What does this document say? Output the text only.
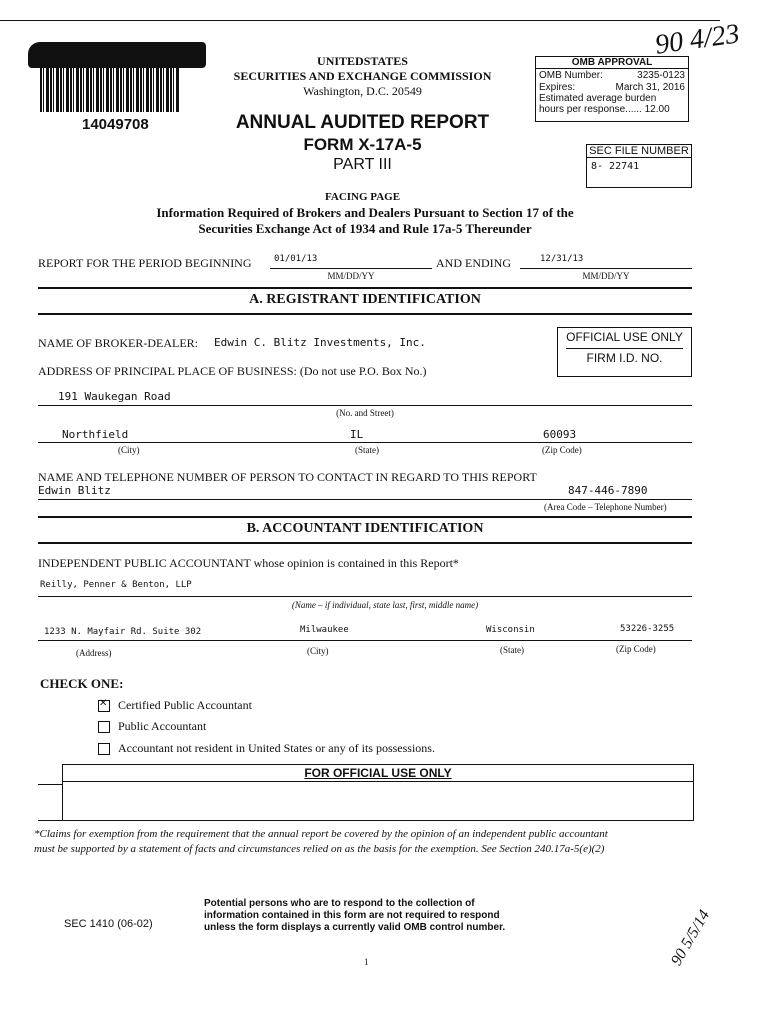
90 4/23
14049708
UNITEDSTATES
SECURITIES AND EXCHANGE COMMISSION
Washington, D.C. 20549
OMB APPROVAL
OMB Number:	3235-0123
Expires:	March 31, 2016
Estimated average burden
hours per response...... 12.00
ANNUAL AUDITED REPORT
FORM X-17A-5
PART III
SEC FILE NUMBER
8- 22741
FACING PAGE
Information Required of Brokers and Dealers Pursuant to Section 17 of the
Securities Exchange Act of 1934 and Rule 17a-5 Thereunder
REPORT FOR THE PERIOD BEGINNING 01/01/13
MM/DD/YY
AND ENDING	12/31/13
MM/DD/YY
A. REGISTRANT IDENTIFICATION
NAME OF BROKER-DEALER: Edwin C. Blitz Investments, Inc.	OFFICIAL USE ONLY
FIRM I.D. NO.
ADDRESS OF PRINCIPAL PLACE OF BUSINESS: (Do not use P.O. Box No.)
191 Waukegan Road
(No. and Street)
Northfield	IL	60093
(City)	(State)	(Zip Code)
NAME AND TELEPHONE NUMBER OF PERSON TO CONTACT IN REGARD TO THIS REPORT
Edwin Blitz	847-446-7890
(Area Code – Telephone Number)
B. ACCOUNTANT IDENTIFICATION
INDEPENDENT PUBLIC ACCOUNTANT whose opinion is contained in this Report*
Reilly, Penner & Benton, LLP
(Name – if individual, state last, first, middle name)
1233 N. Mayfair Rd. Suite 302	Milwaukee	Wisconsin	53226-3255
(Address)	(City)	(State)	(Zip Code)
CHECK ONE:
✕Certified Public Accountant
Public Accountant
Accountant not resident in United States or any of its possessions.
FOR OFFICIAL USE ONLY
*Claims for exemption from the requirement that the annual report be covered by the opinion of an independent public accountant
must be supported by a statement of facts and circumstances relied on as the basis for the exemption. See Section 240.17a-5(e)(2)
SEC 1410 (06-02)
Potential persons who are to respond to the collection of
information contained in this form are not required to respond
unless the form displays a currently valid OMB control number.
1	90 5/5/14
